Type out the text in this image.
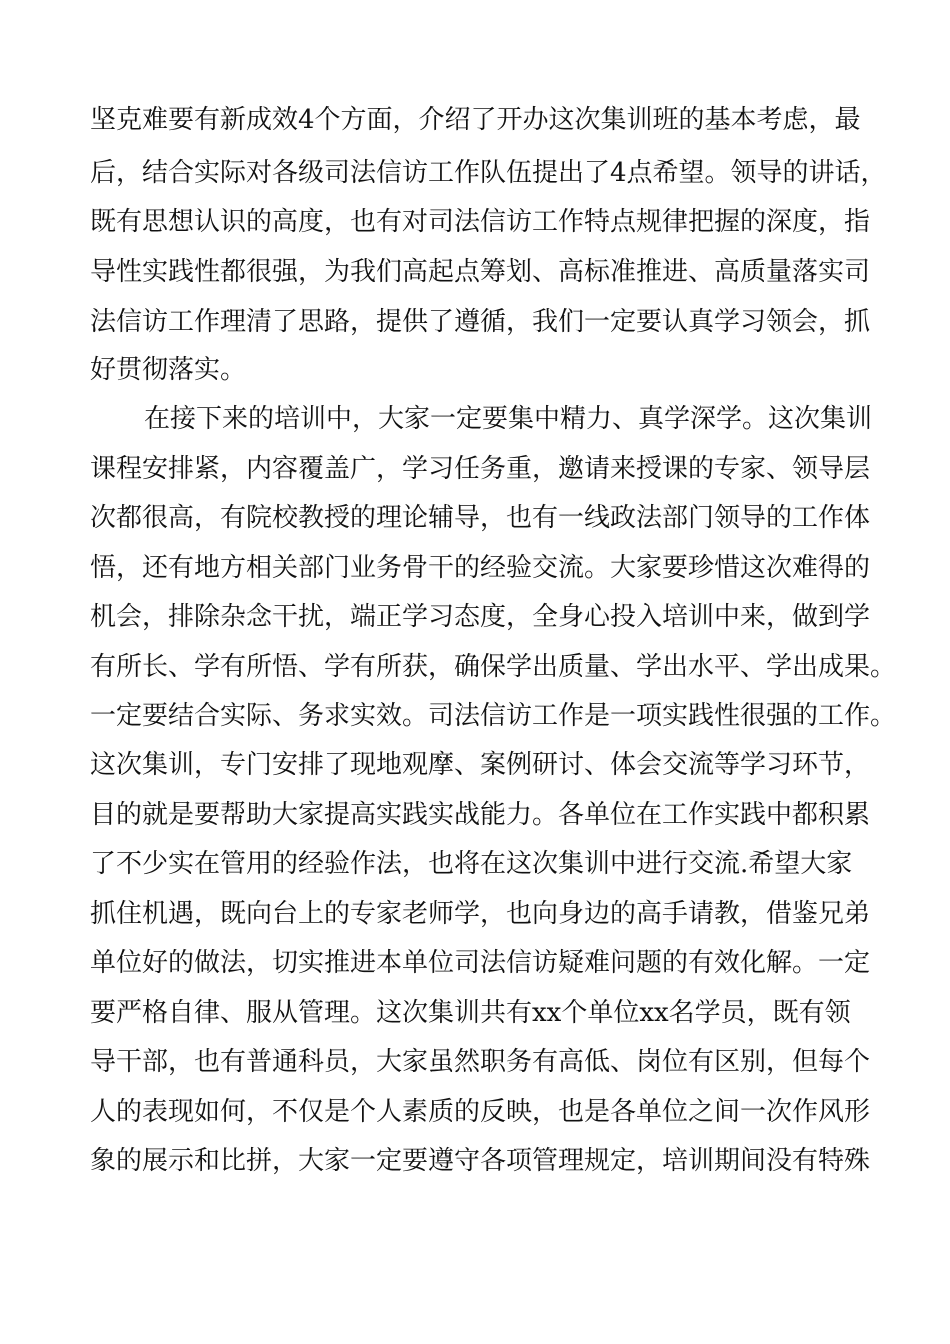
坚克难要有新成效4个方面，介绍了开办这次集训班的基本考虑，最
后，结合实际对各级司法信访工作队伍提出了4点希望。领导的讲话，
既有思想认识的高度，也有对司法信访工作特点规律把握的深度，指
导性实践性都很强，为我们高起点筹划、高标准推进、高质量落实司
法信访工作理清了思路，提供了遵循，我们一定要认真学习领会，抓
好贯彻落实。
在接下来的培训中，大家一定要集中精力、真学深学。这次集训
课程安排紧，内容覆盖广，学习任务重，邀请来授课的专家、领导层
次都很高，有院校教授的理论辅导，也有一线政法部门领导的工作体
悟，还有地方相关部门业务骨干的经验交流。大家要珍惜这次难得的
机会，排除杂念干扰，端正学习态度，全身心投入培训中来，做到学
有所长、学有所悟、学有所获，确保学出质量、学出水平、学出成果。
一定要结合实际、务求实效。司法信访工作是一项实践性很强的工作。
这次集训，专门安排了现地观摩、案例研讨、体会交流等学习环节，
目的就是要帮助大家提高实践实战能力。各单位在工作实践中都积累
了不少实在管用的经验作法，也将在这次集训中进行交流.希望大家
抓住机遇，既向台上的专家老师学，也向身边的高手请教，借鉴兄弟
单位好的做法，切实推进本单位司法信访疑难问题的有效化解。一定
要严格自律、服从管理。这次集训共有xx个单位xx名学员，既有领
导干部，也有普通科员，大家虽然职务有高低、岗位有区别，但每个
人的表现如何，不仅是个人素质的反映，也是各单位之间一次作风形
象的展示和比拼，大家一定要遵守各项管理规定，培训期间没有特殊
